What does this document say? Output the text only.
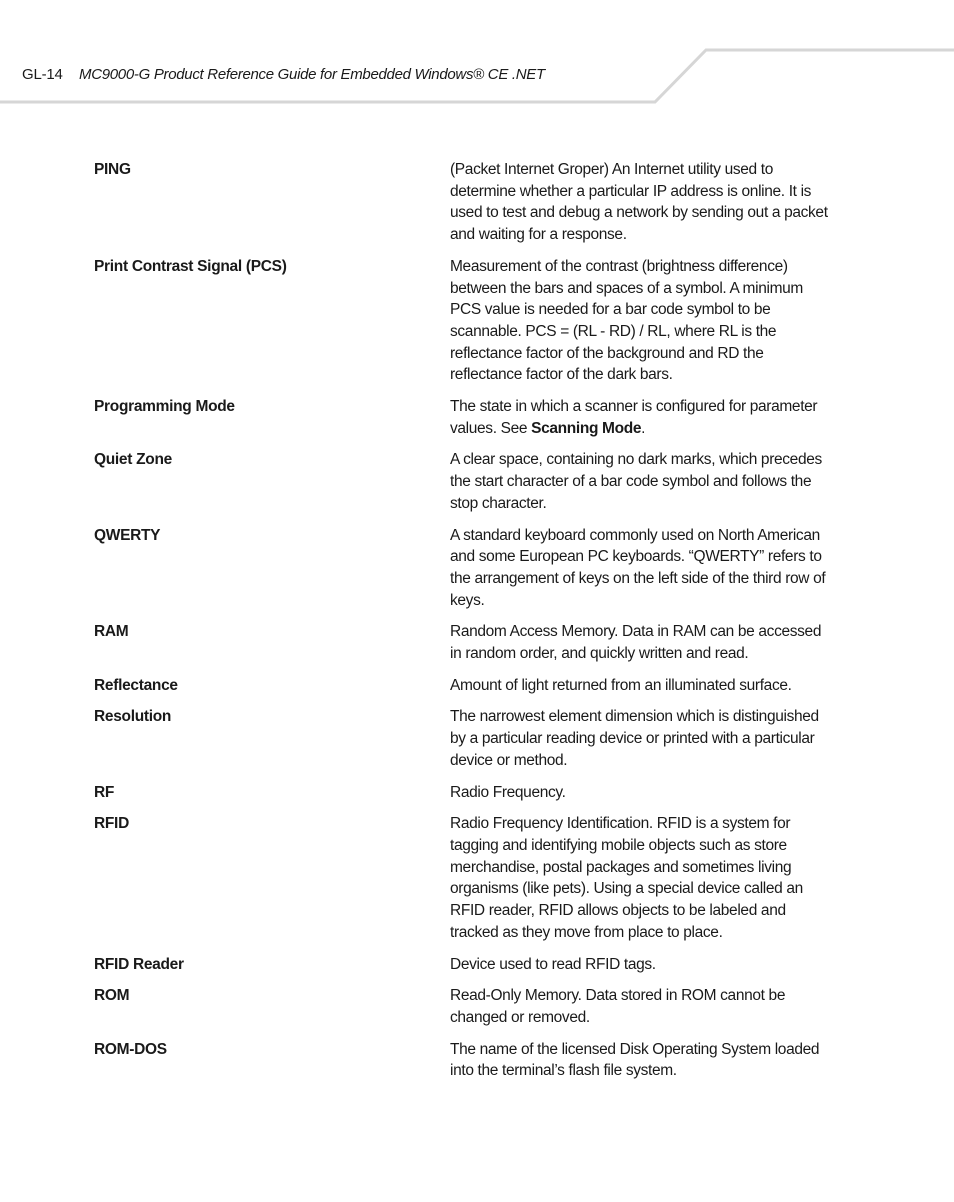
GL-14 MC9000-G Product Reference Guide for Embedded Windows® CE .NET
PING	(Packet Internet Groper) An Internet utility used to determine whether a particular IP address is online. It is used to test and debug a network by sending out a packet and waiting for a response.
Print Contrast Signal (PCS)	Measurement of the contrast (brightness difference) between the bars and spaces of a symbol. A minimum PCS value is needed for a bar code symbol to be scannable. PCS = (RL - RD) / RL, where RL is the reflectance factor of the background and RD the reflectance factor of the dark bars.
Programming Mode	The state in which a scanner is configured for parameter values. See Scanning Mode.
Quiet Zone	A clear space, containing no dark marks, which precedes the start character of a bar code symbol and follows the stop character.
QWERTY	A standard keyboard commonly used on North American and some European PC keyboards. “QWERTY” refers to the arrangement of keys on the left side of the third row of keys.
RAM	Random Access Memory. Data in RAM can be accessed in random order, and quickly written and read.
Reflectance	Amount of light returned from an illuminated surface.
Resolution	The narrowest element dimension which is distinguished by a particular reading device or printed with a particular device or method.
RF	Radio Frequency.
RFID	Radio Frequency Identification. RFID is a system for tagging and identifying mobile objects such as store merchandise, postal packages and sometimes living organisms (like pets). Using a special device called an RFID reader, RFID allows objects to be labeled and tracked as they move from place to place.
RFID Reader	Device used to read RFID tags.
ROM	Read-Only Memory. Data stored in ROM cannot be changed or removed.
ROM-DOS	The name of the licensed Disk Operating System loaded into the terminal’s flash file system.
